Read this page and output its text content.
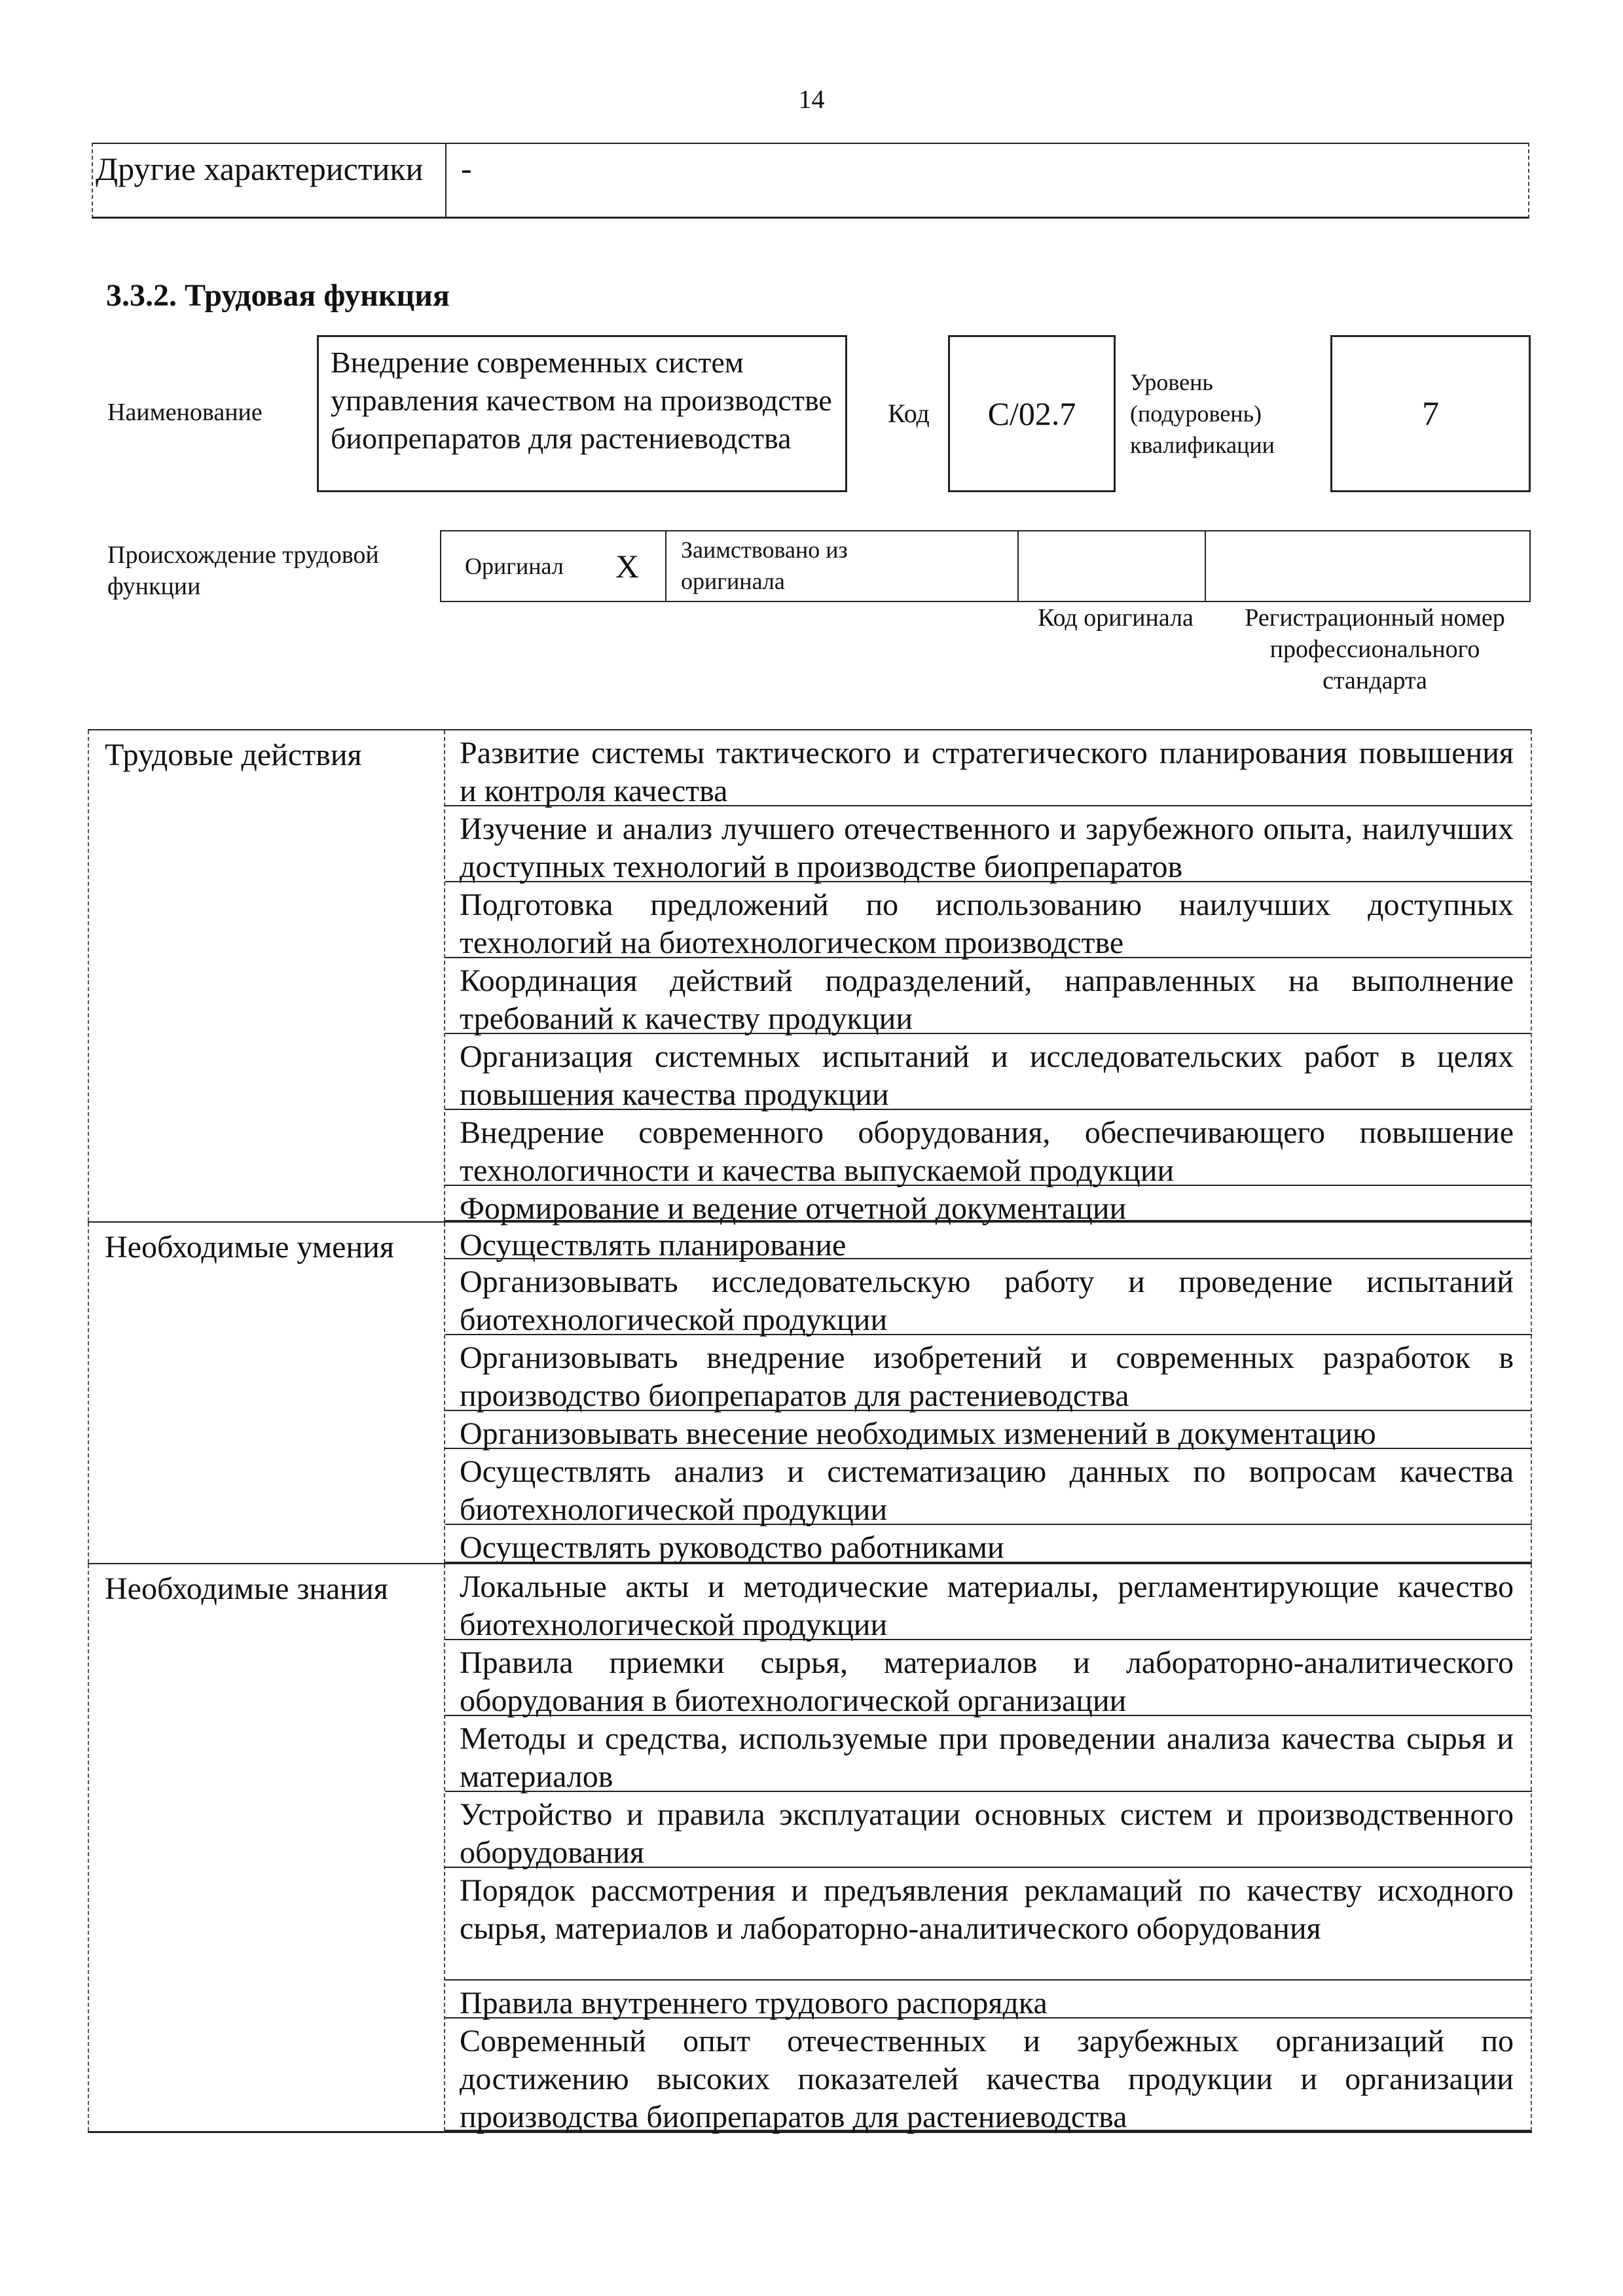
14
Другие характеристики	-
3.3.2. Трудовая функция
Наименование
Внедрение современных систем управления качеством на производстве биопрепаратов для растениеводства
Код	С/02.7
Уровень (подуровень) квалификации
7
Происхождение трудовой функции
Оригинал X Заимствовано из оригинала
Код оригинала	Регистрационный номер профессионального стандарта
Трудовые действия	Развитие системы тактического и стратегического планирования повышения и контроля качества
Изучение и анализ лучшего отечественного и зарубежного опыта, наилучших доступных технологий в производстве биопрепаратов
Подготовка предложений по использованию наилучших доступных технологий на биотехнологическом производстве
Координация действий подразделений, направленных на выполнение требований к качеству продукции
Организация системных испытаний и исследовательских работ в целях повышения качества продукции
Внедрение современного оборудования, обеспечивающего повышение технологичности и качества выпускаемой продукции
Формирование и ведение отчетной документации
Необходимые умения	Осуществлять планирование
Организовывать исследовательскую работу и проведение испытаний биотехнологической продукции
Организовывать внедрение изобретений и современных разработок в производство биопрепаратов для растениеводства
Организовывать внесение необходимых изменений в документацию
Осуществлять анализ и систематизацию данных по вопросам качества биотехнологической продукции
Осуществлять руководство работниками
Необходимые знания	Локальные акты и методические материалы, регламентирующие качество биотехнологической продукции
Правила приемки сырья, материалов и лабораторно-аналитического оборудования в биотехнологической организации
Методы и средства, используемые при проведении анализа качества сырья и материалов
Устройство и правила эксплуатации основных систем и производственного оборудования
Порядок рассмотрения и предъявления рекламаций по качеству исходного сырья, материалов и лабораторно-аналитического оборудования
Правила внутреннего трудового распорядка
Современный опыт отечественных и зарубежных организаций по достижению высоких показателей качества продукции и организации производства биопрепаратов для растениеводства
